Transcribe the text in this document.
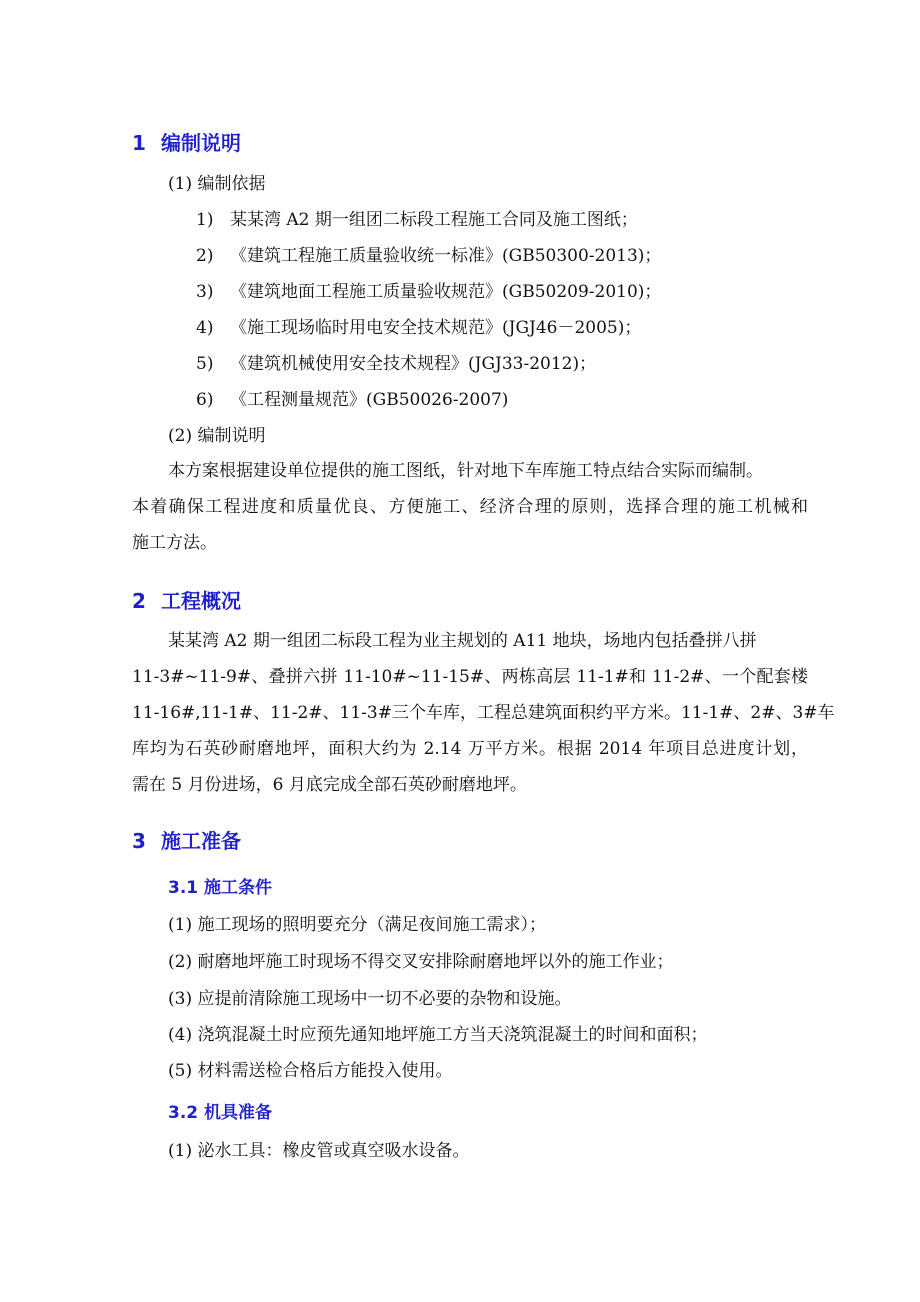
1 编制说明
(1) 编制依据
1) 某某湾 A2 期一组团二标段工程施工合同及施工图纸；
2) 《建筑工程施工质量验收统一标准》(GB50300-2013)；
3) 《建筑地面工程施工质量验收规范》(GB50209-2010)；
4) 《施工现场临时用电安全技术规范》(JGJ46－2005)；
5) 《建筑机械使用安全技术规程》(JGJ33-2012)；
6) 《工程测量规范》(GB50026-2007)
(2) 编制说明
本方案根据建设单位提供的施工图纸，针对地下车库施工特点结合实际而编制。
本着确保工程进度和质量优良、方便施工、经济合理的原则，选择合理的施工机械和
施工方法。
2 工程概况
某某湾 A2 期一组团二标段工程为业主规划的 A11 地块，场地内包括叠拼八拼
11-3#~11-9#、叠拼六拼 11-10#~11-15#、两栋高层 11-1#和 11-2#、一个配套楼
11-16#,11-1#、11-2#、11-3#三个车库，工程总建筑面积约平方米。11-1#、2#、3#车
库均为石英砂耐磨地坪，面积大约为 2.14 万平方米。根据 2014 年项目总进度计划，
需在 5 月份进场，6 月底完成全部石英砂耐磨地坪。
3 施工准备
3.1 施工条件
(1) 施工现场的照明要充分（满足夜间施工需求）；
(2) 耐磨地坪施工时现场不得交叉安排除耐磨地坪以外的施工作业；
(3) 应提前清除施工现场中一切不必要的杂物和设施。
(4) 浇筑混凝土时应预先通知地坪施工方当天浇筑混凝土的时间和面积；
(5) 材料需送检合格后方能投入使用。
3.2 机具准备
(1) 泌水工具：橡皮管或真空吸水设备。
